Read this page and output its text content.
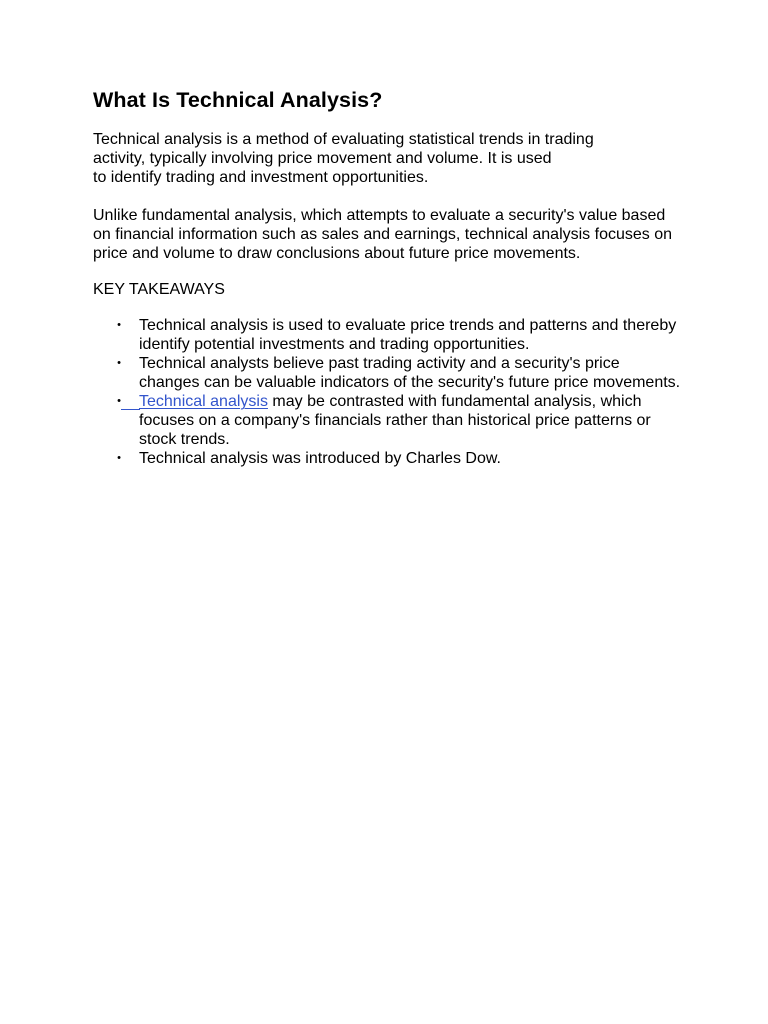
What Is Technical Analysis?

Technical analysis is a method of evaluating statistical trends in trading
activity, typically involving price movement and volume. It is used
to identify trading and investment opportunities.

Unlike fundamental analysis, which attempts to evaluate a security's value based on financial information such as sales and earnings, technical analysis focuses on price and volume to draw conclusions about future price movements.

KEY TAKEAWAYS
• Technical analysis is used to evaluate price trends and patterns and thereby identify potential investments and trading opportunities.
• Technical analysts believe past trading activity and a security's price changes can be valuable indicators of the security's future price movements.
• Technical analysis may be contrasted with fundamental analysis, which focuses on a company's financials rather than historical price patterns or stock trends.
• Technical analysis was introduced by Charles Dow.
